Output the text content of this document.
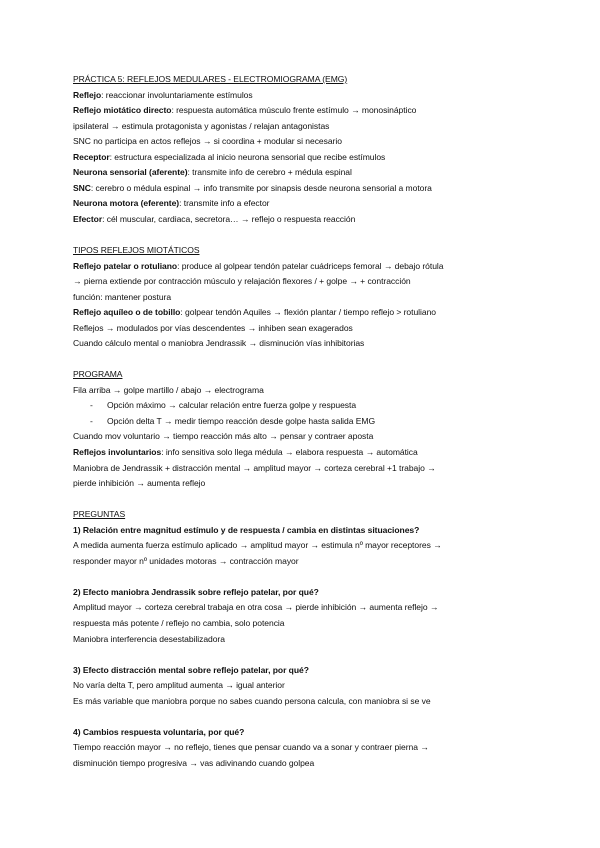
PRÁCTICA 5: REFLEJOS MEDULARES - ELECTROMIOGRAMA (EMG)
Reflejo: reaccionar involuntariamente estímulos
Reflejo miotático directo: respuesta automática músculo frente estímulo → monosináptico
ipsilateral → estimula protagonista y agonistas / relajan antagonistas
SNC no participa en actos reflejos → si coordina + modular si necesario
Receptor: estructura especializada al inicio neurona sensorial que recibe estímulos
Neurona sensorial (aferente): transmite info de cerebro + médula espinal
SNC: cerebro o médula espinal → info transmite por sinapsis desde neurona sensorial a motora
Neurona motora (eferente): transmite info a efector
Efector: cél muscular, cardiaca, secretora… → reflejo o respuesta reacción
TIPOS REFLEJOS MIOTÁTICOS
Reflejo patelar o rotuliano: produce al golpear tendón patelar cuádriceps femoral → debajo rótula
→ pierna extiende por contracción músculo y relajación flexores / + golpe → + contracción
función: mantener postura
Reflejo aquíleo o de tobillo: golpear tendón Aquiles → flexión plantar / tiempo reflejo > rotuliano
Reflejos → modulados por vías descendentes → inhiben sean exagerados
Cuando cálculo mental o maniobra Jendrassik → disminución vías inhibitorias
PROGRAMA
Fila arriba → golpe martillo / abajo → electrograma
- Opción máximo → calcular relación entre fuerza golpe y respuesta
- Opción delta T → medir tiempo reacción desde golpe hasta salida EMG
Cuando mov voluntario → tiempo reacción más alto → pensar y contraer aposta
Reflejos involuntarios: info sensitiva solo llega médula → elabora respuesta → automática
Maniobra de Jendrassik + distracción mental → amplitud mayor → corteza cerebral +1 trabajo →
pierde inhibición → aumenta reflejo
PREGUNTAS
1) Relación entre magnitud estímulo y de respuesta / cambia en distintas situaciones?
A medida aumenta fuerza estímulo aplicado → amplitud mayor → estimula nº mayor receptores →
responder mayor nº unidades motoras → contracción mayor
2) Efecto maniobra Jendrassik sobre reflejo patelar, por qué?
Amplitud mayor → corteza cerebral trabaja en otra cosa → pierde inhibición → aumenta reflejo →
respuesta más potente / reflejo no cambia, solo potencia
Maniobra interferencia desestabilizadora
3) Efecto distracción mental sobre reflejo patelar, por qué?
No varía delta T, pero amplitud aumenta → igual anterior
Es más variable que maniobra porque no sabes cuando persona calcula, con maniobra si se ve
4) Cambios respuesta voluntaria, por qué?
Tiempo reacción mayor → no reflejo, tienes que pensar cuando va a sonar y contraer pierna →
disminución tiempo progresiva → vas adivinando cuando golpea
